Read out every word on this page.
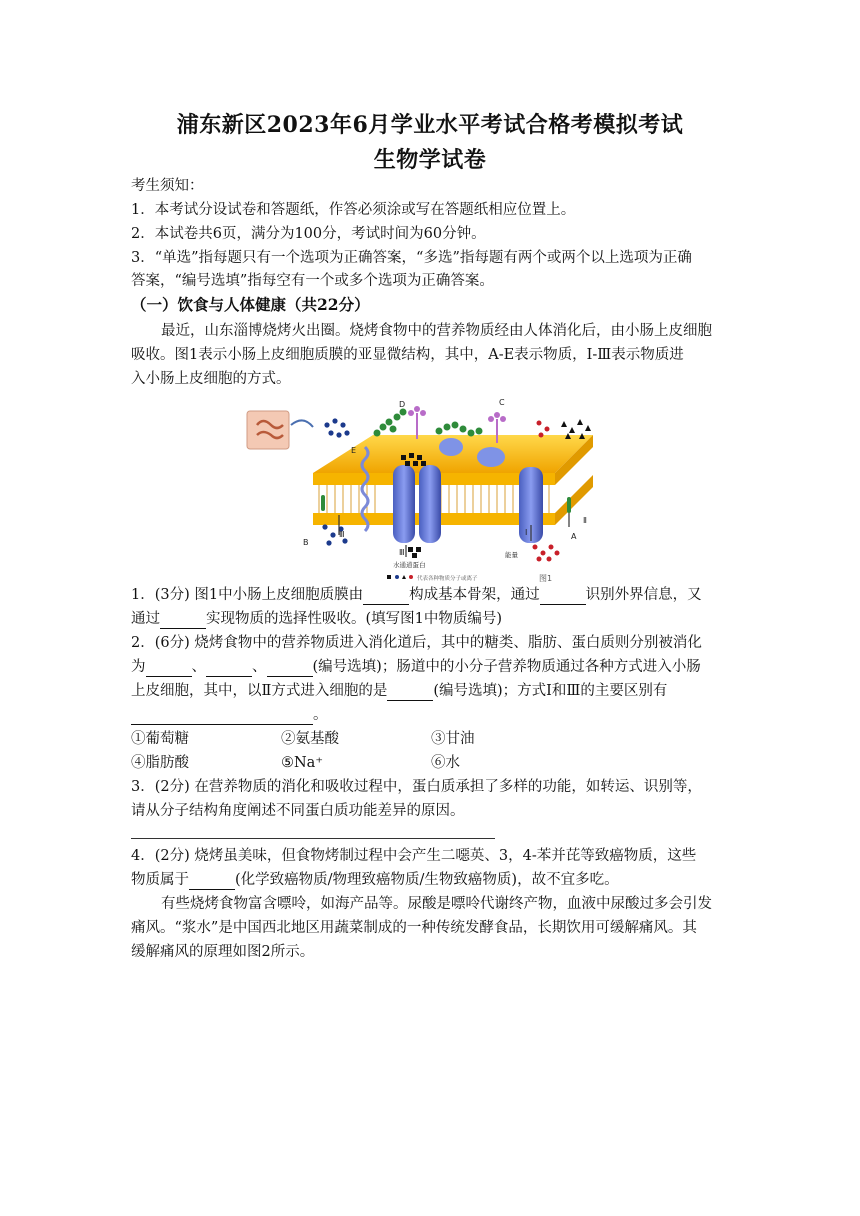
浦东新区2023年6月学业水平考试合格考模拟考试
生物学试卷
考生须知：
1．本考试分设试卷和答题纸，作答必须涂或写在答题纸相应位置上。
2．本试卷共6页，满分为100分，考试时间为60分钟。
3．“单选”指每题只有一个选项为正确答案，“多选”指每题有两个或两个以上选项为正确
答案，“编号选填”指每空有一个或多个选项为正确答案。
（一）饮食与人体健康（共22分）
最近，山东淄博烧烤火出圈。烧烤食物中的营养物质经由人体消化后，由小肠上皮细胞
吸收。图1表示小肠上皮细胞质膜的亚显微结构，其中，A-E表示物质，Ⅰ-Ⅲ表示物质进
入小肠上皮细胞的方式。
D	C
E
B
Ⅲ
Ⅲ
水通道蛋白
Ⅰ
Ⅱ
A
能量
代表各种物质分子或离子	图1
1．(3分) 图1中小肠上皮细胞质膜由	构成基本骨架，通过	识别外界信息，又
通过	实现物质的选择性吸收。(填写图1中物质编号)
2．(6分) 烧烤食物中的营养物质进入消化道后，其中的糖类、脂肪、蛋白质则分别被消化
为	、	、	(编号选填)；肠道中的小分子营养物质通过各种方式进入小肠
上皮细胞，其中，以Ⅱ方式进入细胞的是	(编号选填)；方式Ⅰ和Ⅲ的主要区别有
。
①葡萄糖	②氨基酸	③甘油
④脂肪酸	⑤Na⁺	⑥水
3．(2分) 在营养物质的消化和吸收过程中，蛋白质承担了多样的功能，如转运、识别等，
请从分子结构角度阐述不同蛋白质功能差异的原因。
4．(2分) 烧烤虽美味，但食物烤制过程中会产生二噁英、3，4-苯并芘等致癌物质，这些
物质属于	(化学致癌物质/物理致癌物质/生物致癌物质)，故不宜多吃。
有些烧烤食物富含嘌呤，如海产品等。尿酸是嘌呤代谢终产物，血液中尿酸过多会引发
痛风。“浆水”是中国西北地区用蔬菜制成的一种传统发酵食品，长期饮用可缓解痛风。其
缓解痛风的原理如图2所示。
